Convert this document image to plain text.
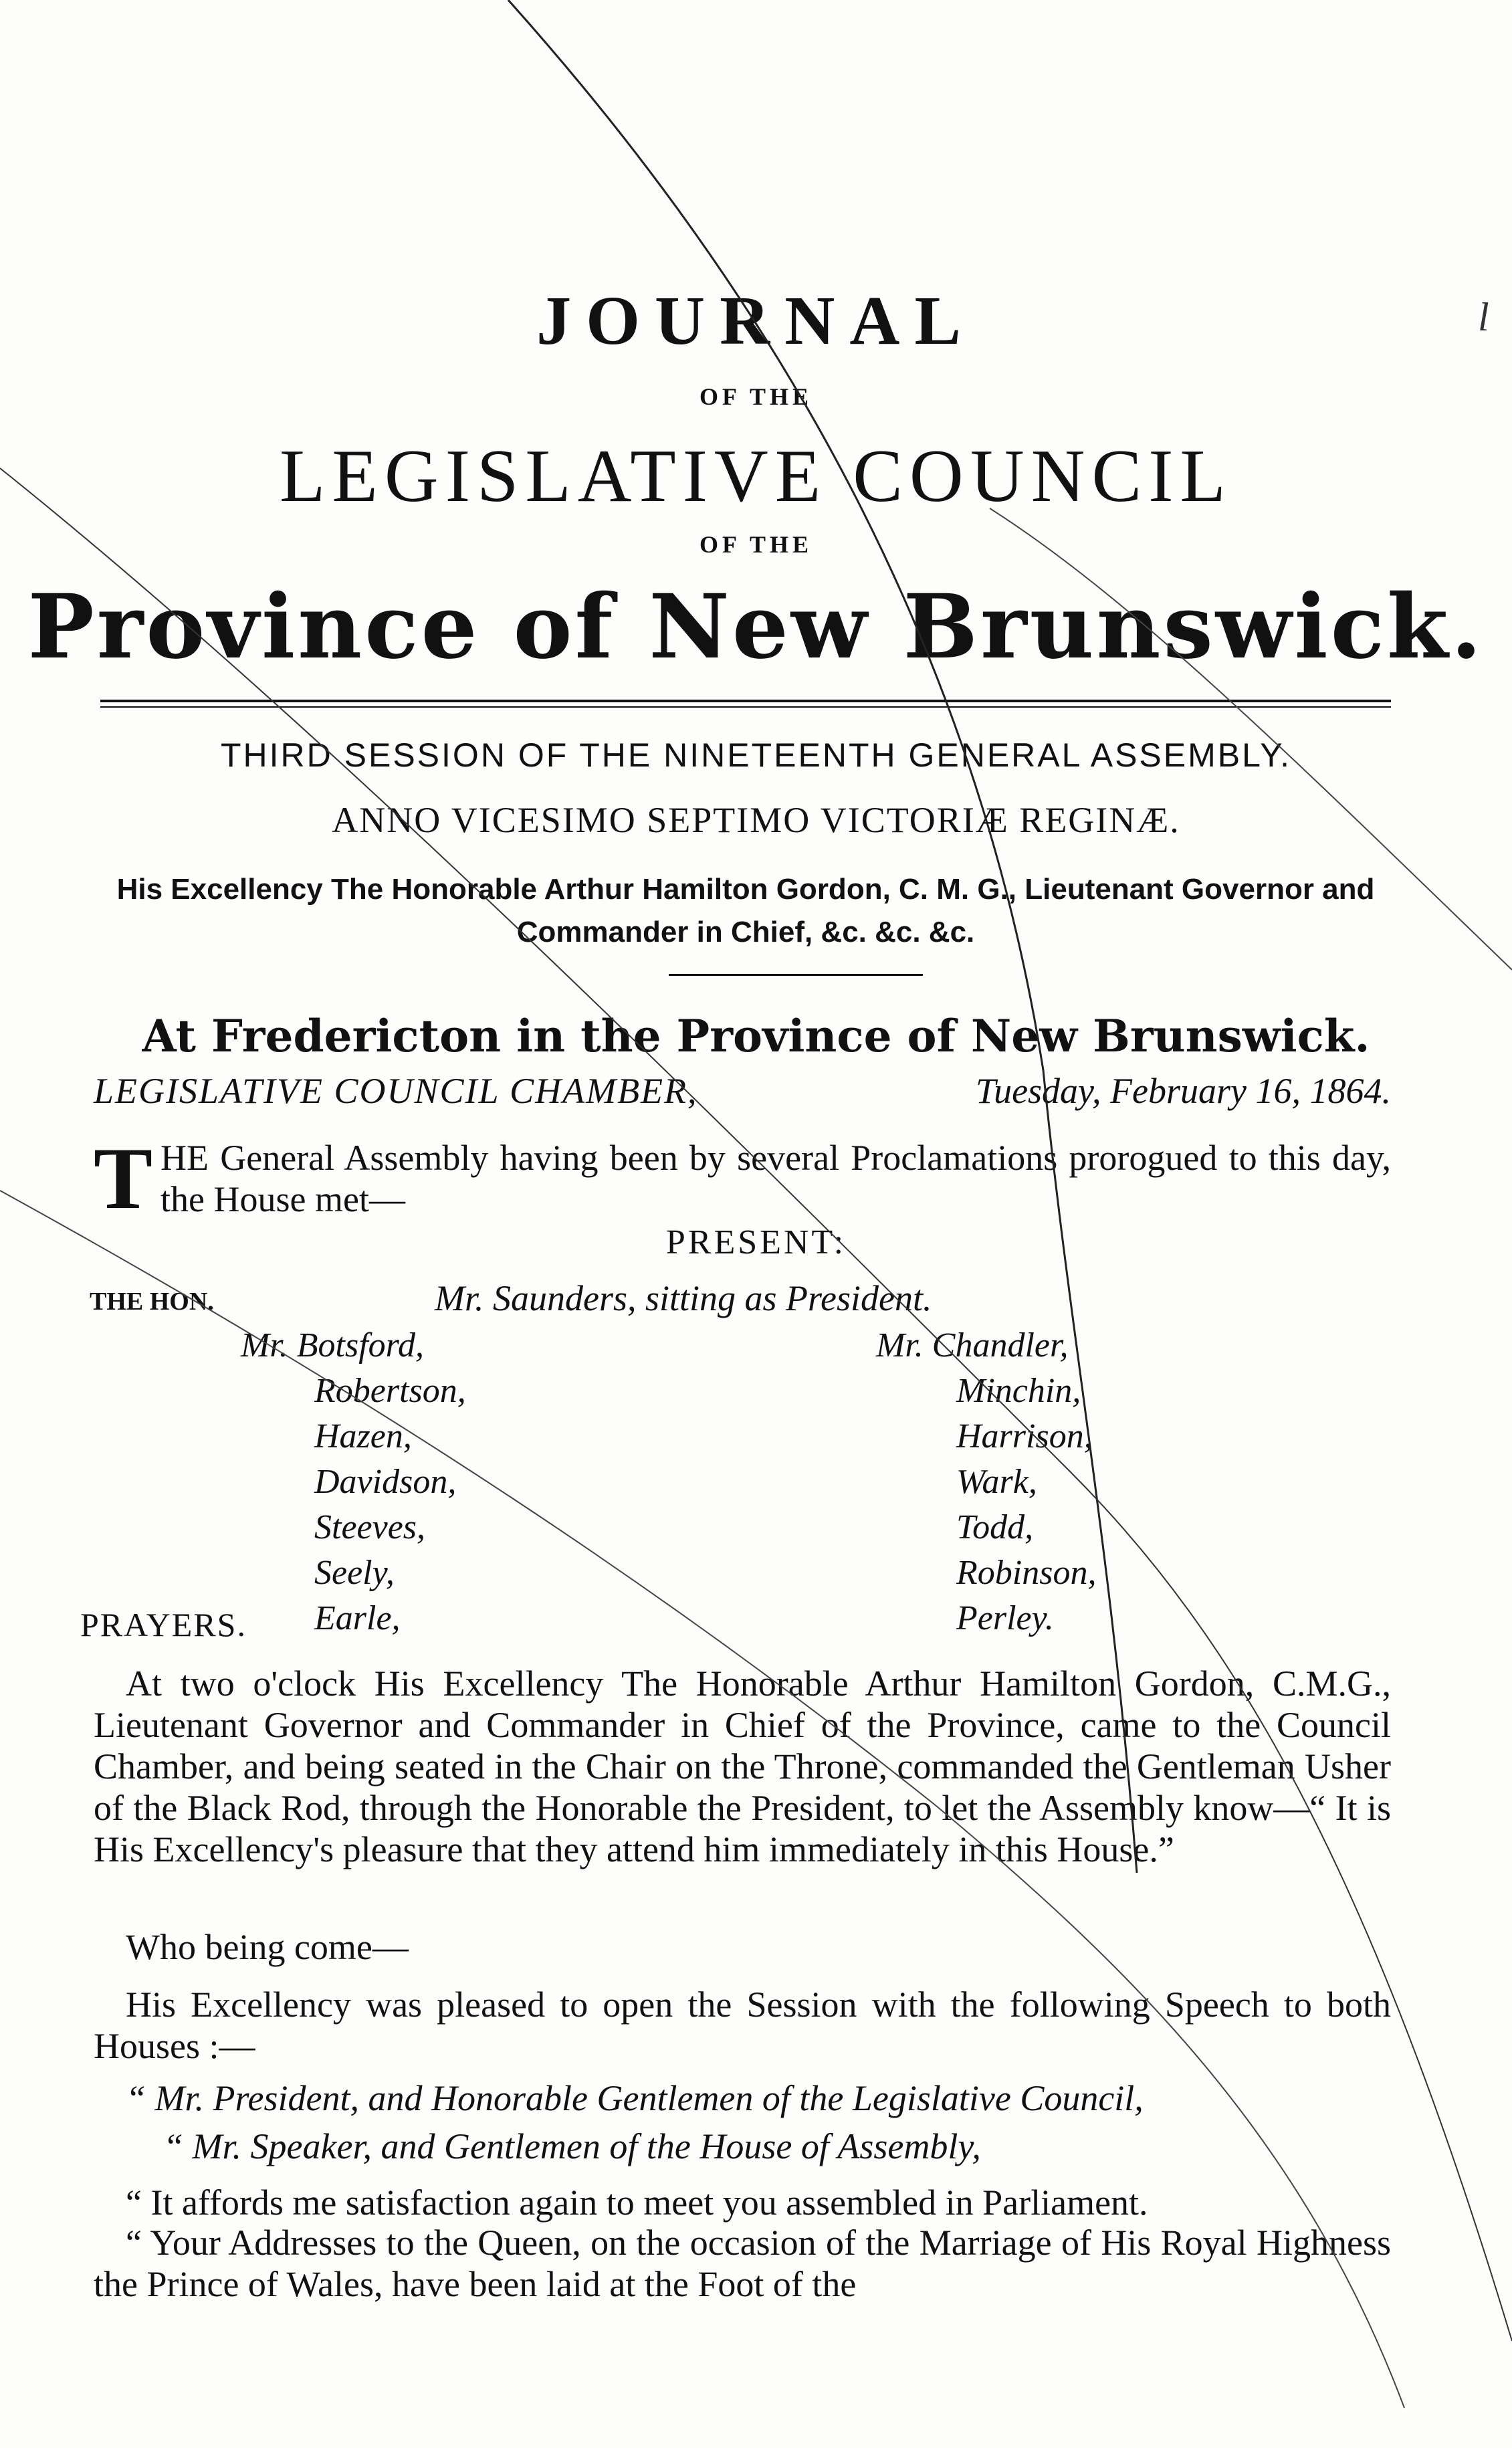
l
JOURNAL
OF THE
LEGISLATIVE COUNCIL
OF THE
Province of New Brunswick.
THIRD SESSION OF THE NINETEENTH GENERAL ASSEMBLY.
ANNO VICESIMO SEPTIMO VICTORIÆ REGINÆ.
His Excellency The Honorable Arthur Hamilton Gordon, C. M. G., Lieutenant Governor and Commander in Chief, &c. &c. &c.
At Fredericton in the Province of New Brunswick.
LEGISLATIVE COUNCIL CHAMBER,	Tuesday, February 16, 1864.
THE General Assembly having been by several Proclamations prorogued to this day, the House met—
PRESENT:
THE HON.	Mr. Saunders, sitting as President.
Mr. Botsford,
Robertson,
Hazen,
Davidson,
Steeves,
Seely,
Earle,
Mr. Chandler,
Minchin,
Harrison,
Wark,
Todd,
Robinson,
Perley.
PRAYERS.
At two o'clock His Excellency The Honorable Arthur Hamilton Gordon, C.M.G., Lieutenant Governor and Commander in Chief of the Province, came to the Council Chamber, and being seated in the Chair on the Throne, commanded the Gentleman Usher of the Black Rod, through the Honorable the President, to let the Assembly know—“ It is His Excellency's pleasure that they attend him immediately in this House.”
Who being come—
His Excellency was pleased to open the Session with the following Speech to both Houses :—
“ Mr. President, and Honorable Gentlemen of the Legislative Council,
“ Mr. Speaker, and Gentlemen of the House of Assembly,
“ It affords me satisfaction again to meet you assembled in Parliament.
“ Your Addresses to the Queen, on the occasion of the Marriage of His Royal Highness the Prince of Wales, have been laid at the Foot of the
